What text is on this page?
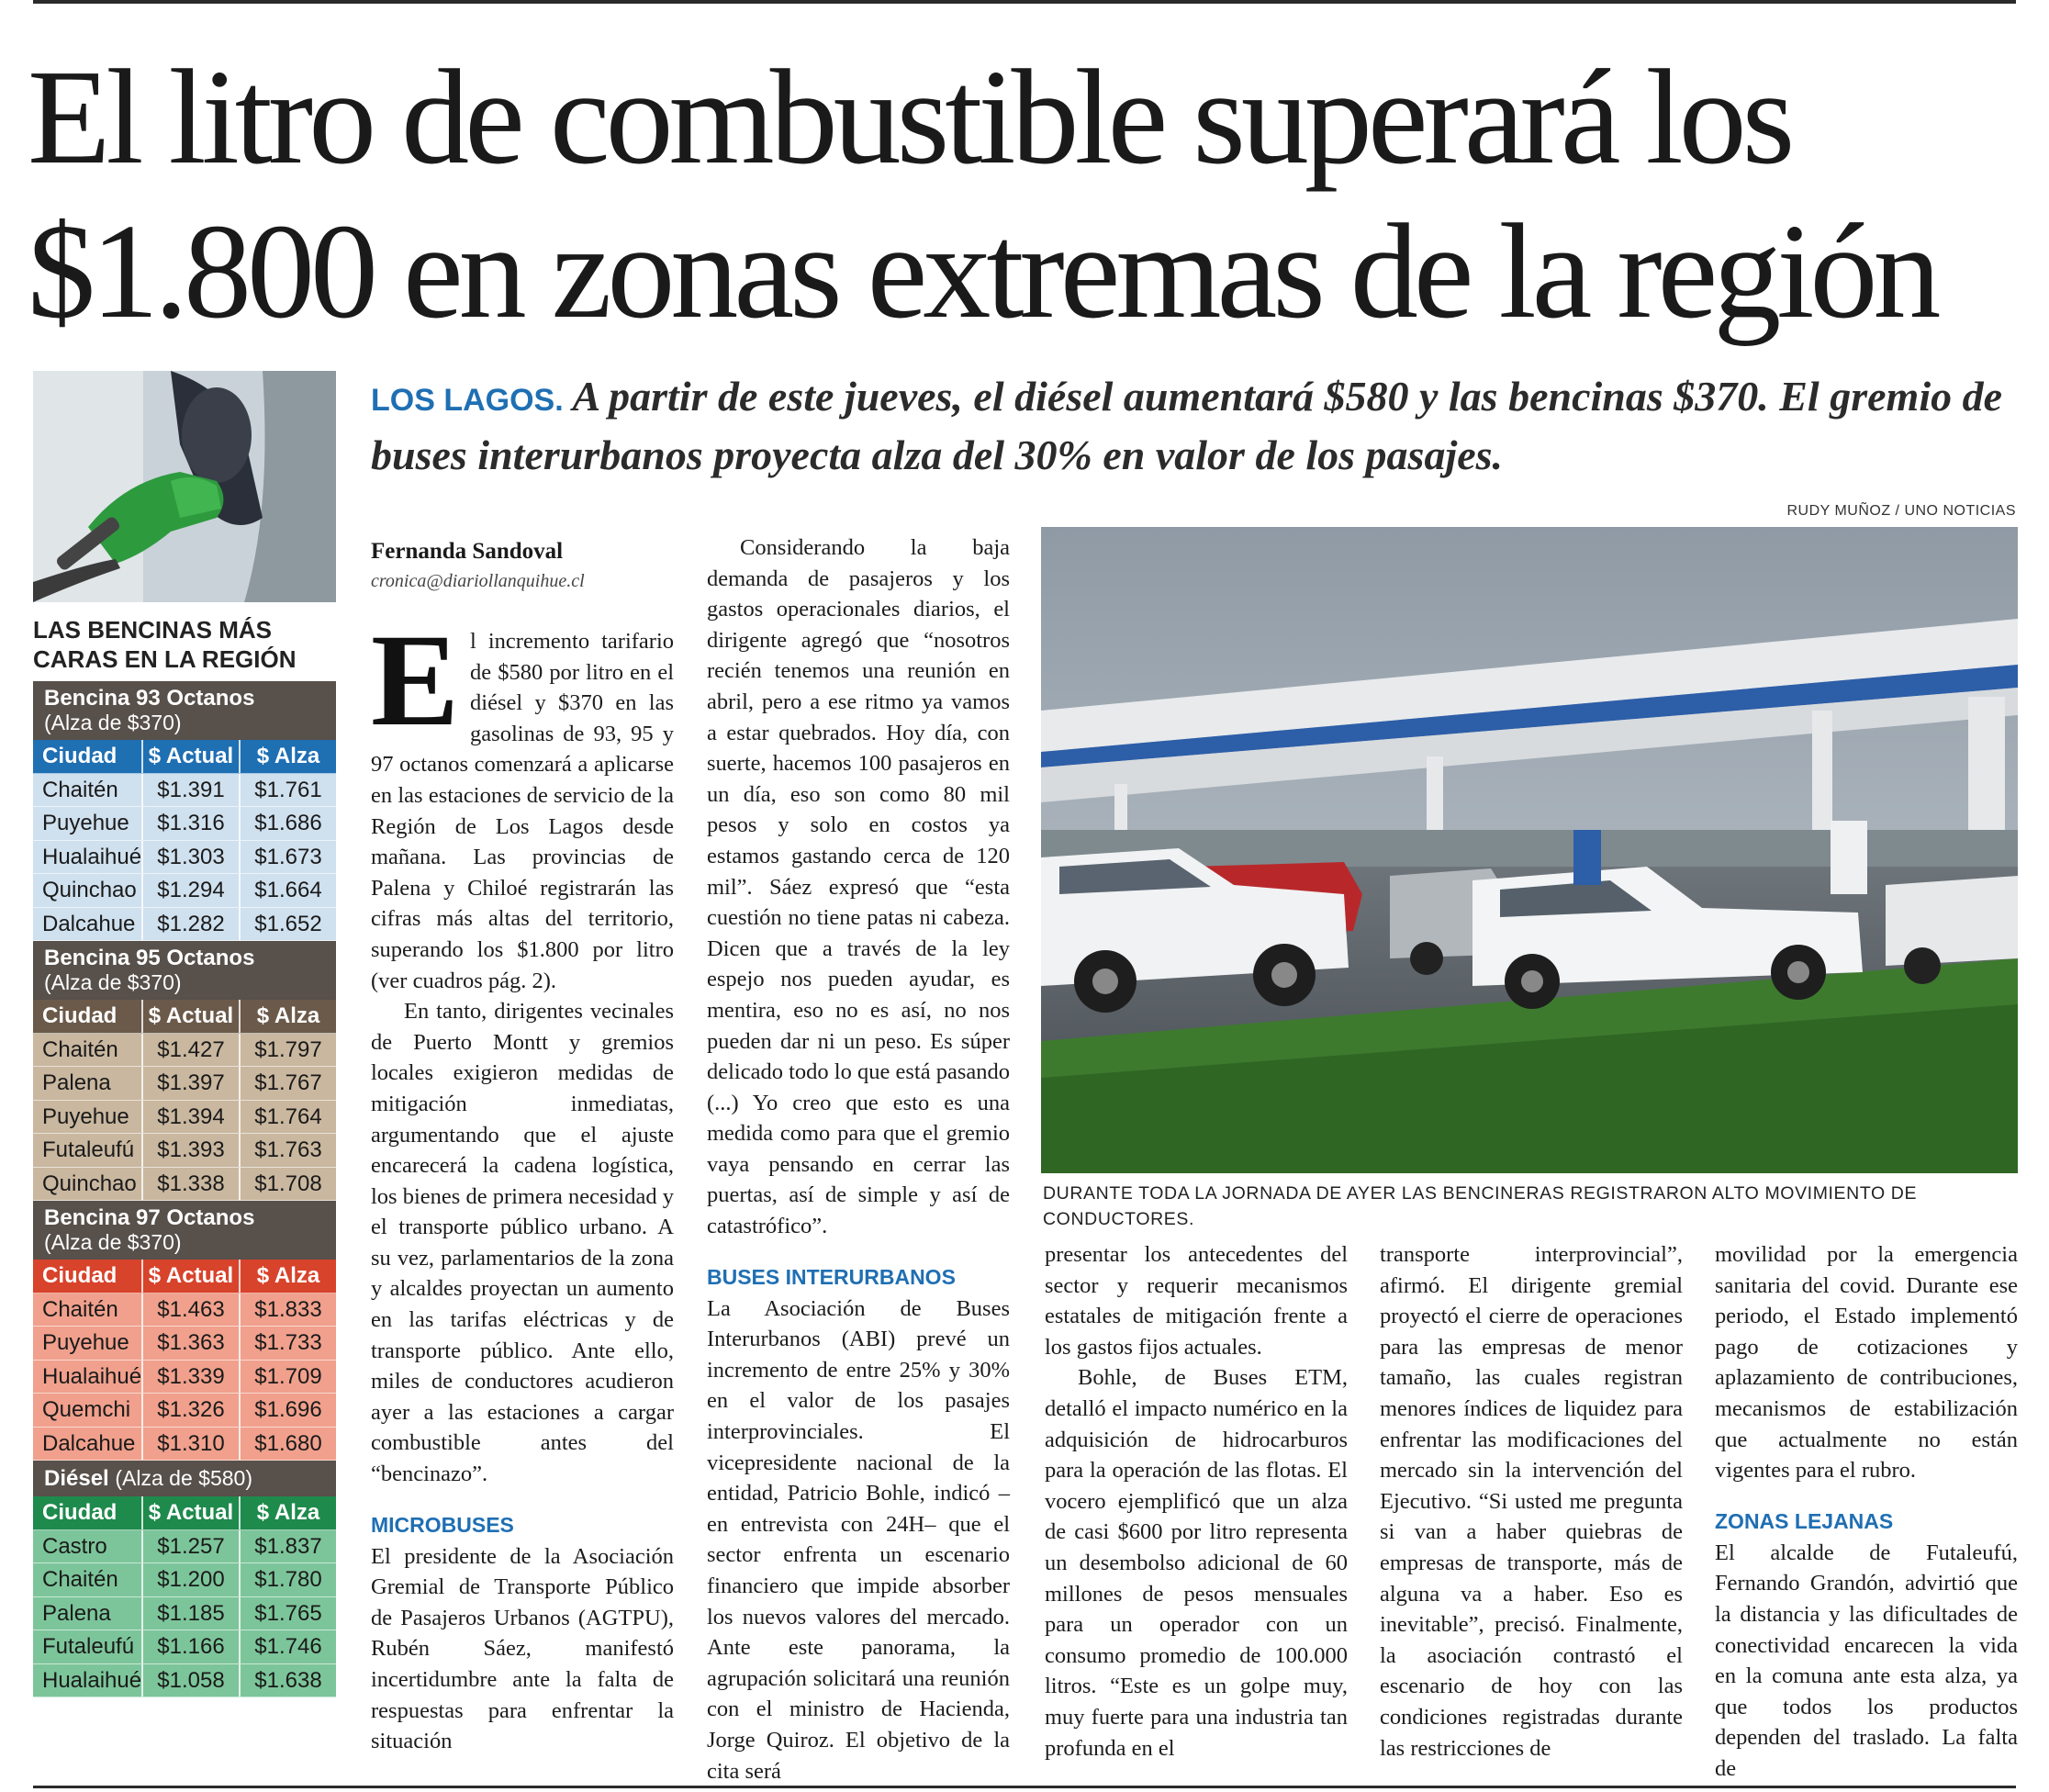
El litro de combustible superará los $1.800 en zonas extremas de la región
LAS BENCINAS MÁS CARAS EN LA REGIÓN
Bencina 93 Octanos
(Alza de $370)
Ciudad	$ Actual	$ Alza
Chaitén	$1.391	$1.761
Puyehue	$1.316	$1.686
Hualaihué $1.303	$1.673
Quinchao $1.294	$1.664
Dalcahue $1.282	$1.652
Bencina 95 Octanos
(Alza de $370)
Ciudad	$ Actual	$ Alza
Chaitén	$1.427	$1.797
Palena	$1.397	$1.767
Puyehue	$1.394	$1.764
Futaleufú	$1.393	$1.763
Quinchao $1.338	$1.708
Bencina 97 Octanos
(Alza de $370)
Ciudad	$ Actual	$ Alza
Chaitén	$1.463	$1.833
Puyehue	$1.363	$1.733
Hualaihué $1.339	$1.709
Quemchi	$1.326	$1.696
Dalcahue $1.310	$1.680
Diésel (Alza de $580)
Ciudad	$ Actual	$ Alza
Castro	$1.257	$1.837
Chaitén	$1.200	$1.780
Palena	$1.185	$1.765
Futaleufú	$1.166	$1.746
Hualaihué $1.058	$1.638
LOS LAGOS. A partir de este jueves, el diésel aumentará $580 y las bencinas $370. El gremio de buses interurbanos proyecta alza del 30% en valor de los pasajes.
RUDY MUÑOZ / UNO NOTICIAS
Fernanda Sandoval
cronica@diariollanquihue.cl
E l incremento tarifario de $580 por litro en el diésel y $370 en las gasolinas de 93, 95 y 97 octanos comenzará a aplicarse en las estaciones de servicio de la Región de Los Lagos desde mañana. Las provincias de Palena y Chiloé registrarán las cifras más altas del territorio, superando los $1.800 por litro (ver cuadros pág. 2).

En tanto, dirigentes vecinales de Puerto Montt y gremios locales exigieron medidas de mitigación inmediatas, argumentando que el ajuste encarecerá la cadena logística, los bienes de primera necesidad y el transporte público urbano. A su vez, parlamentarios de la zona y alcaldes proyectan un aumento en las tarifas eléctricas y de transporte público. Ante ello, miles de conductores acudieron ayer a las estaciones a cargar combustible antes del “bencinazo”.

MICROBUSES

El presidente de la Asociación Gremial de Transporte Público de Pasajeros Urbanos (AGTPU), Rubén Sáez, manifestó incertidumbre ante la falta de respuestas para enfrentar la situación

Considerando la baja demanda de pasajeros y los gastos operacionales diarios, el dirigente agregó que “nosotros recién tenemos una reunión en abril, pero a ese ritmo ya vamos a estar quebrados. Hoy día, con suerte, hacemos 100 pasajeros en un día, eso son como 80 mil pesos y solo en costos ya estamos gastando cerca de 120 mil”. Sáez expresó que “esta cuestión no tiene patas ni cabeza. Dicen que a través de la ley espejo nos pueden ayudar, es mentira, eso no es así, no nos pueden dar ni un peso. Es súper delicado todo lo que está pasando (...) Yo creo que esto es una medida como para que el gremio vaya pensando en cerrar las puertas, así de simple y así de catastrófico”.

BUSES INTERURBANOS

La Asociación de Buses Interurbanos (ABI) prevé un incremento de entre 25% y 30% en el valor de los pasajes interprovinciales. El vicepresidente nacional de la entidad, Patricio Bohle, indicó –en entrevista con 24H– que el sector enfrenta un escenario financiero que impide absorber los nuevos valores del mercado. Ante este panorama, la agrupación solicitará una reunión con el ministro de Hacienda, Jorge Quiroz. El objetivo de la cita será

DURANTE TODA LA JORNADA DE AYER LAS BENCINERAS REGISTRARON ALTO MOVIMIENTO DE CONDUCTORES.

presentar los antecedentes del sector y requerir mecanismos estatales de mitigación frente a los gastos fijos actuales.

Bohle, de Buses ETM, detalló el impacto numérico en la adquisición de hidrocarburos para la operación de las flotas. El vocero ejemplificó que un alza de casi $600 por litro representa un desembolso adicional de 60 millones de pesos mensuales para un operador con un consumo promedio de 100.000 litros. “Este es un golpe muy, muy fuerte para una industria tan profunda en el

transporte interprovincial”, afirmó. El dirigente gremial proyectó el cierre de operaciones para las empresas de menor tamaño, las cuales registran menores índices de liquidez para enfrentar las modificaciones del mercado sin la intervención del Ejecutivo. “Si usted me pregunta si van a haber quiebras de empresas de transporte, más de alguna va a haber. Eso es inevitable”, precisó. Finalmente, la asociación contrastó el escenario de hoy con las condiciones registradas durante las restricciones de

movilidad por la emergencia sanitaria del covid. Durante ese periodo, el Estado implementó pago de cotizaciones y aplazamiento de contribuciones, mecanismos de estabilización que actualmente no están vigentes para el rubro.

ZONAS LEJANAS

El alcalde de Futaleufú, Fernando Grandón, advirtió que la distancia y las dificultades de conectividad encarecen la vida en la comuna ante esta alza, ya que todos los productos dependen del traslado. La falta de
